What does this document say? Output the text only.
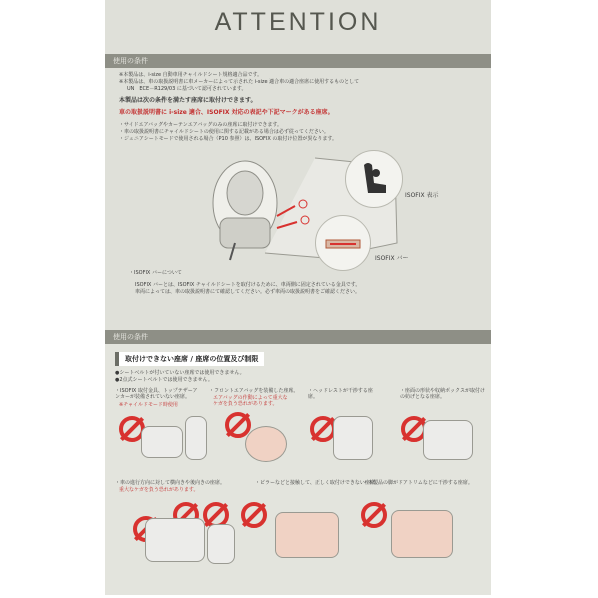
ATTENTION
使用の条件
※本製品は、i-size 自動車用チャイルドシート規格適合品です。
※本製品は、車の取扱説明書に車メーカーによって示された i-size 適合車の適合座席に使用するものとして
UN　ECE－R129/03 に基づいて認可されています。
本製品は次の条件を満たす座席に取付けできます。
車の取扱説明書に i-size 適合、ISOFIX 対応の表記や下記マークがある座席。
・サイドエアバッグやカーテンエアバッグのみの座席に取付けできます。
・車の取扱説明書にチャイルドシートの使用に関する記載がある場合は必ず従ってください。
・ジュニアシートモードで使用される場合（P10 参照）は、ISOFIX の取付け位置が異なります。
ISOFIX 表示
ISOFIX バー
・ISOFIX バーについて
ISOFIX バーとは、ISOFIX チャイルドシートを取付けるために、車両側に固定されている金具です。
車両によっては、車の取扱説明書にて確認してください。必ず車両の取扱説明書をご確認ください。
使用の条件
取付けできない座席 / 座席の位置及び制限
●シートベルトが付いていない座席では使用できません。
●2点式シートベルトでは使用できません。
・ISOFIX 取付金具、トップテザーアンカーが装備されていない座席。
※チャイルドモード時使用
・フロントエアバッグを装備した座席。
エアバッグの作動によって重大なケガを負う恐れがあります。
・ヘッドレストが干渉する座席。
・座面の形状や収納ボックスが取付けの妨げとなる座席。
・車の進行方向に対して横向きや後向きの座席。
重大なケガを負う恐れがあります。
・ピラーなどと接触して、正しく取付けできない座席。
・本製品の脚がドアトリムなどに干渉する座席。
